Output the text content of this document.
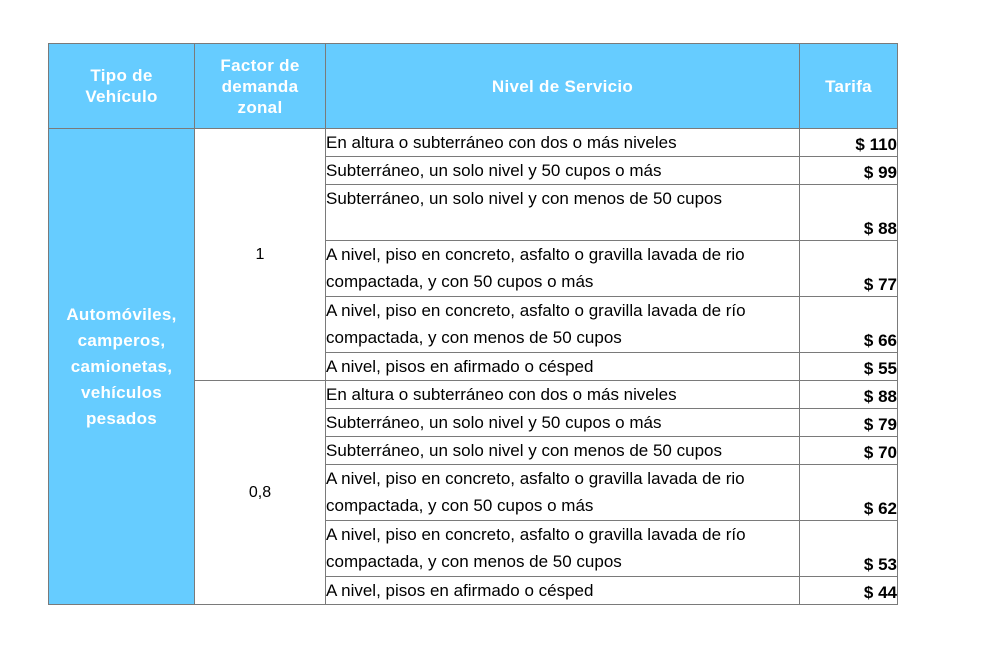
Tipo de Vehículo	Factor de demanda zonal	Nivel de Servicio	Tarifa
Automóviles, camperos, camionetas, vehículos pesados	1	En altura o subterráneo con dos o más niveles	$ 110
		Subterráneo, un solo nivel y 50 cupos o más	$ 99
		Subterráneo, un solo nivel y con menos de 50 cupos	$ 88
		A nivel, piso en concreto, asfalto o gravilla lavada de rio compactada, y con 50 cupos o más	$ 77
		A nivel, piso en concreto, asfalto o gravilla lavada de río compactada, y con menos de 50 cupos	$ 66
		A nivel, pisos en afirmado o césped	$ 55
	0,8	En altura o subterráneo con dos o más niveles	$ 88
		Subterráneo, un solo nivel y 50 cupos o más	$ 79
		Subterráneo, un solo nivel y con menos de 50 cupos	$ 70
		A nivel, piso en concreto, asfalto o gravilla lavada de rio compactada, y con 50 cupos o más	$ 62
		A nivel, piso en concreto, asfalto o gravilla lavada de río compactada, y con menos de 50 cupos	$ 53
		A nivel, pisos en afirmado o césped	$ 44
